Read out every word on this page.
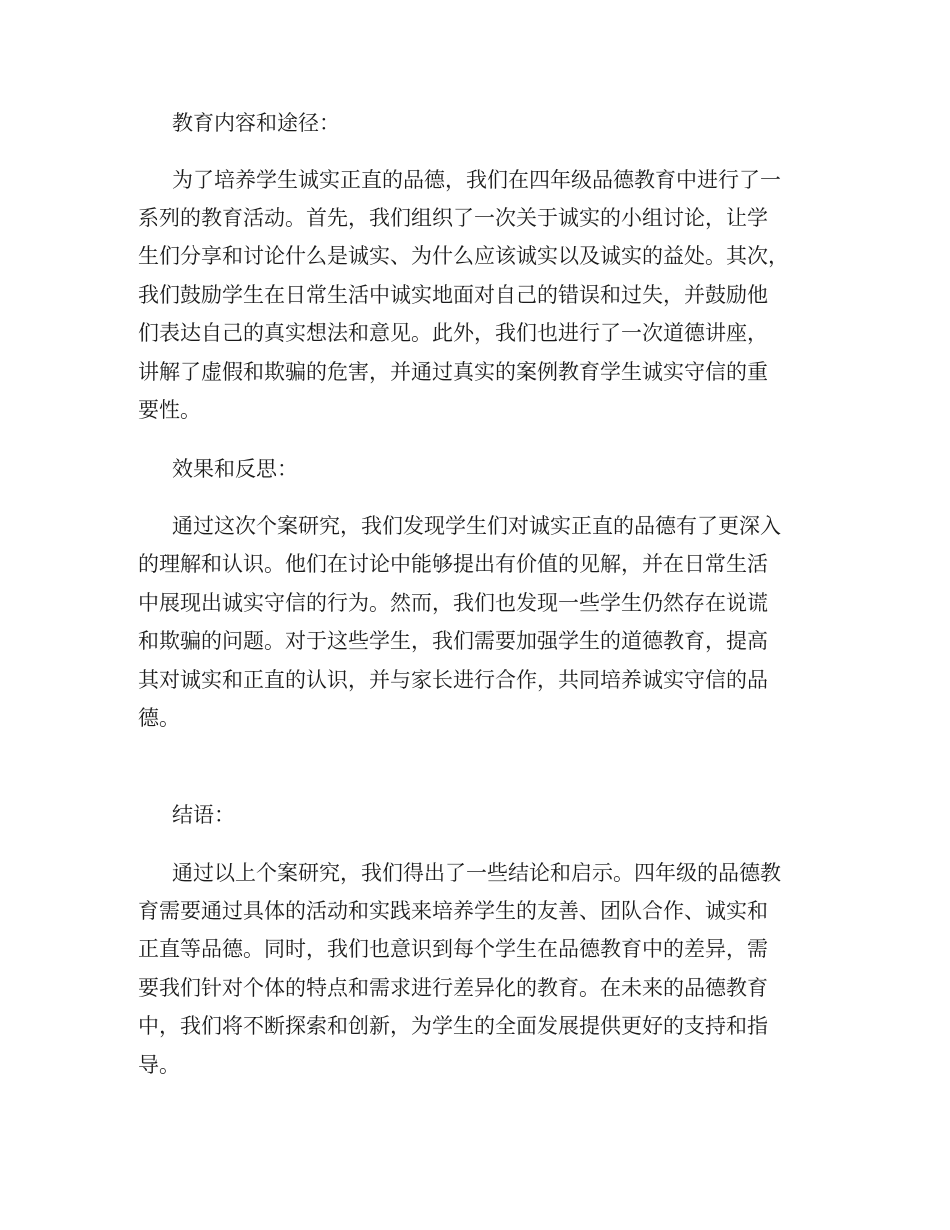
教育内容和途径：
为了培养学生诚实正直的品德，我们在四年级品德教育中进行了一
系列的教育活动。首先，我们组织了一次关于诚实的小组讨论，让学
生们分享和讨论什么是诚实、为什么应该诚实以及诚实的益处。其次，
我们鼓励学生在日常生活中诚实地面对自己的错误和过失，并鼓励他
们表达自己的真实想法和意见。此外，我们也进行了一次道德讲座，
讲解了虚假和欺骗的危害，并通过真实的案例教育学生诚实守信的重
要性。
效果和反思：
通过这次个案研究，我们发现学生们对诚实正直的品德有了更深入
的理解和认识。他们在讨论中能够提出有价值的见解，并在日常生活
中展现出诚实守信的行为。然而，我们也发现一些学生仍然存在说谎
和欺骗的问题。对于这些学生，我们需要加强学生的道德教育，提高
其对诚实和正直的认识，并与家长进行合作，共同培养诚实守信的品
德。
结语：
通过以上个案研究，我们得出了一些结论和启示。四年级的品德教
育需要通过具体的活动和实践来培养学生的友善、团队合作、诚实和
正直等品德。同时，我们也意识到每个学生在品德教育中的差异，需
要我们针对个体的特点和需求进行差异化的教育。在未来的品德教育
中，我们将不断探索和创新，为学生的全面发展提供更好的支持和指
导。
